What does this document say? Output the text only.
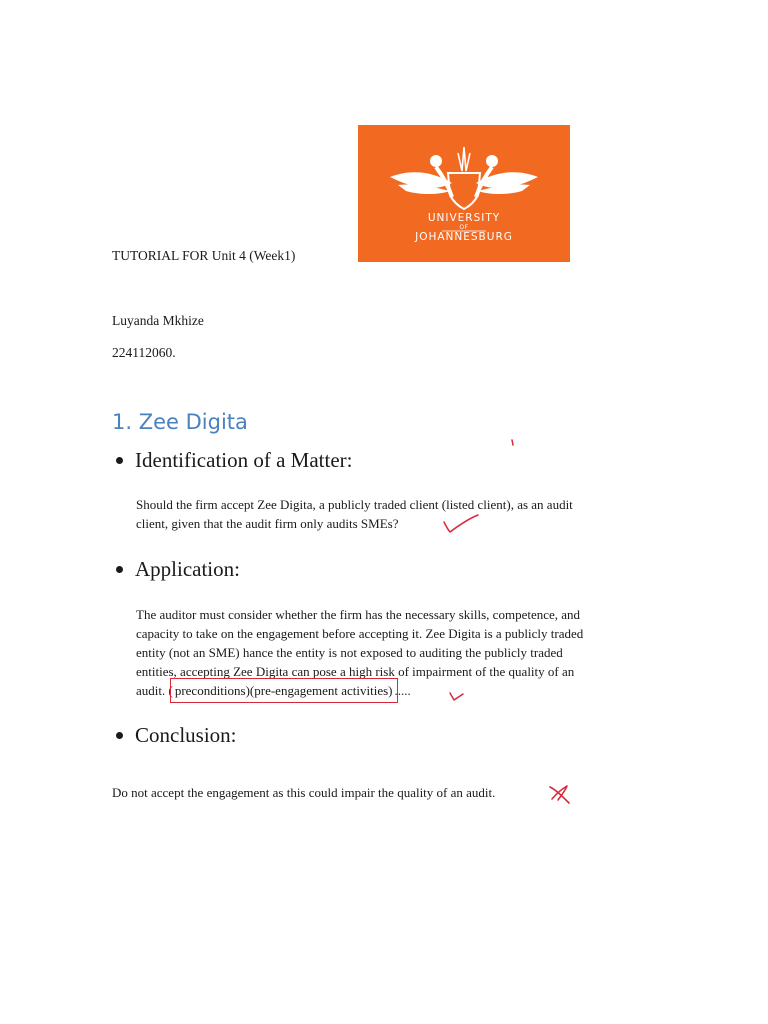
UNIVERSITY
OF
JOHANNESBURG
TUTORIAL FOR Unit 4 (Week1)
Luyanda Mkhize
224112060.
1. Zee Digita
Identification of a Matter:
Should the firm accept Zee Digita, a publicly traded client (listed client), as an audit
client, given that the audit firm only audits SMEs?
Application:
The auditor must consider whether the firm has the necessary skills, competence, and
capacity to take on the engagement before accepting it. Zee Digita is a publicly traded
entity (not an SME) hance the entity is not exposed to auditing the publicly traded
entities, accepting Zee Digita can pose a high risk of impairment of the quality of an
audit. ( preconditions)(pre-engagement activities) .....
Conclusion:
Do not accept the engagement as this could impair the quality of an audit.
